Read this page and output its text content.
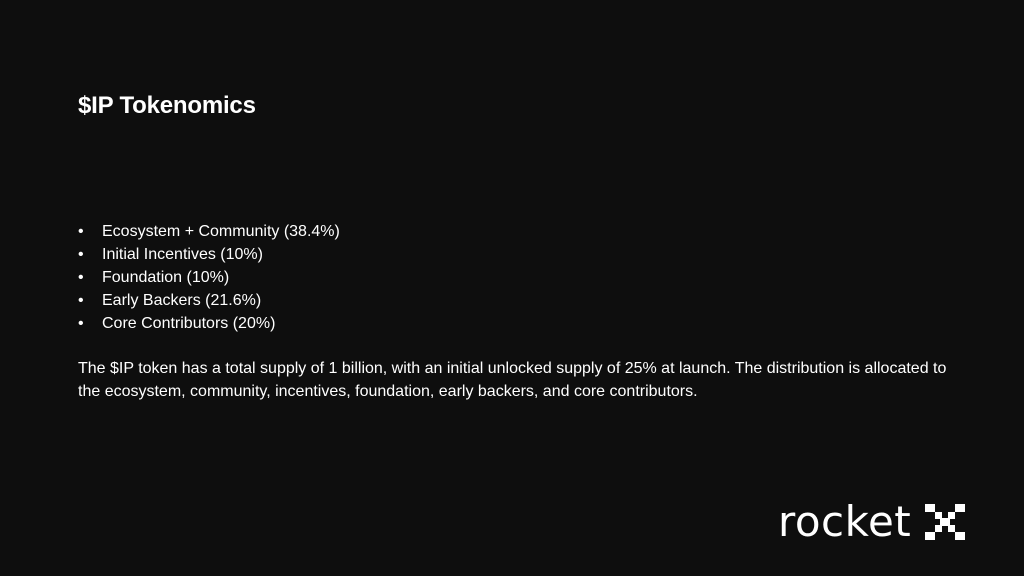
$IP Tokenomics
• Ecosystem + Community (38.4%)
• Initial Incentives (10%)
• Foundation (10%)
• Early Backers (21.6%)
• Core Contributors (20%)

The $IP token has a total supply of 1 billion, with an initial unlocked supply of 25% at launch. The distribution is allocated to the ecosystem, community, incentives, foundation, early backers, and core contributors.

rocket
